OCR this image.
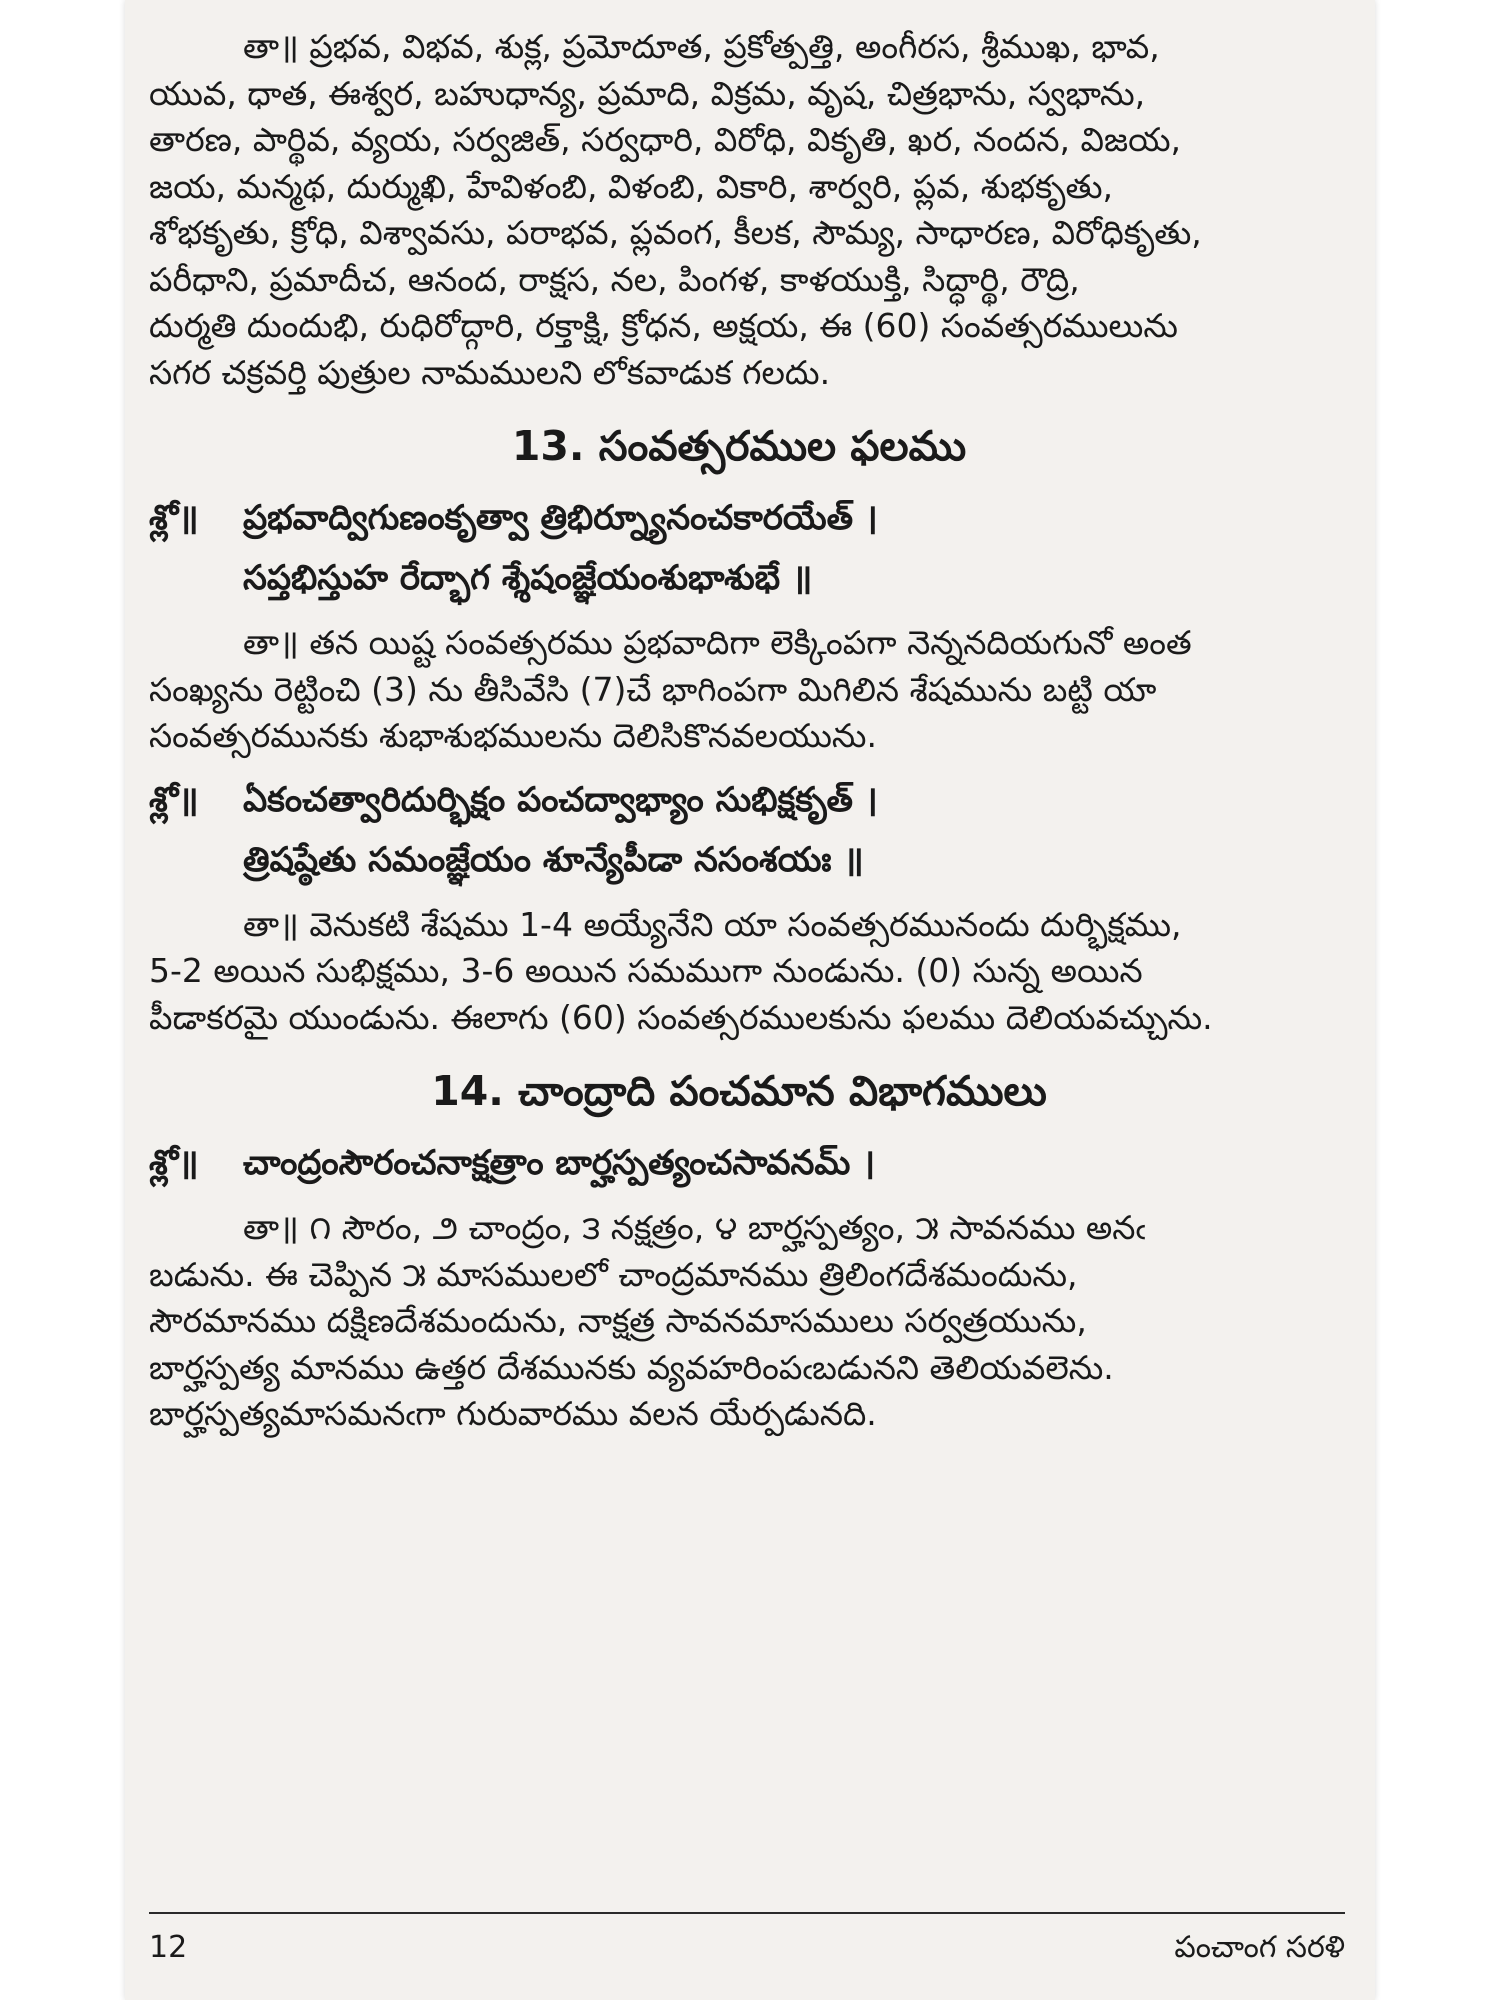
తా॥ ప్రభవ, విభవ, శుక్ల, ప్రమోదూత, ప్రకోత్పత్తి, అంగీరస, శ్రీముఖ, భావ,
యువ, ధాత, ఈశ్వర, బహుధాన్య, ప్రమాది, విక్రమ, వృష, చిత్రభాను, స్వభాను,
తారణ, పార్థివ, వ్యయ, సర్వజిత్, సర్వధారి, విరోధి, వికృతి, ఖర, నందన, విజయ,
జయ, మన్మథ, దుర్ముఖి, హేవిళంబి, విళంబి, వికారి, శార్వరి, ప్లవ, శుభకృతు,
శోభకృతు, క్రోధి, విశ్వావసు, పరాభవ, ప్లవంగ, కీలక, సౌమ్య, సాధారణ, విరోధికృతు,
పరీధాని, ప్రమాదీచ, ఆనంద, రాక్షస, నల, పింగళ, కాళయుక్తి, సిద్ధార్థి, రౌద్రి,
దుర్మతి దుందుభి, రుధిరోద్గారి, రక్తాక్షి, క్రోధన, అక్షయ, ఈ (60) సంవత్సరములును
సగర చక్రవర్తి పుత్రుల నామములని లోకవాడుక గలదు.
13. సంవత్సరముల ఫలము
శ్లో॥	ప్రభవాద్విగుణంకృత్వా త్రిభిర్న్యూనంచకారయేత్ ।
సప్తభిస్తుహ రేద్భాగ శ్శేషంజ్ఞేయంశుభాశుభే ॥
తా॥ తన యిష్ట సంవత్సరము ప్రభవాదిగా లెక్కింపగా నెన్ననదియగునో అంత
సంఖ్యను రెట్టించి (3) ను తీసివేసి (7)చే భాగింపగా మిగిలిన శేషమును బట్టి యా
సంవత్సరమునకు శుభాశుభములను దెలిసికొనవలయును.
శ్లో॥	ఏకంచత్వారిదుర్భిక్షం పంచద్వాభ్యాం సుభిక్షకృత్ ।
త్రిషష్ఠేతు సమంజ్ఞేయం శూన్యేపీడా నసంశయః ॥
తా॥ వెనుకటి శేషము 1-4 అయ్యేనేని యా సంవత్సరమునందు దుర్భిక్షము,
5-2 అయిన సుభిక్షము, 3-6 అయిన సమముగా నుండును. (0) సున్న అయిన
పీడాకరమై యుండును. ఈలాగు (60) సంవత్సరములకును ఫలము దెలియవచ్చును.
14. చాంద్రాది పంచమాన విభాగములు
శ్లో॥	చాంద్రంసౌరంచనాక్షత్రాం బార్హస్పత్యంచసావనమ్ ।
తా॥ ౧ సౌరం, ౨ చాంద్రం, ౩ నక్షత్రం, ౪ బార్హస్పత్యం, ౫ సావనము అనఁ
బడును. ఈ చెప్పిన ౫ మాసములలో చాంద్రమానము త్రిలింగదేశమందును,
సౌరమానము దక్షిణదేశమందును, నాక్షత్ర సావనమాసములు సర్వత్రయును,
బార్హస్పత్య మానము ఉత్తర దేశమునకు వ్యవహరింపఁబడునని తెలియవలెను.
బార్హస్పత్యమాసమనఁగా గురువారము వలన యేర్పడునది.
12	పంచాంగ సరళి
